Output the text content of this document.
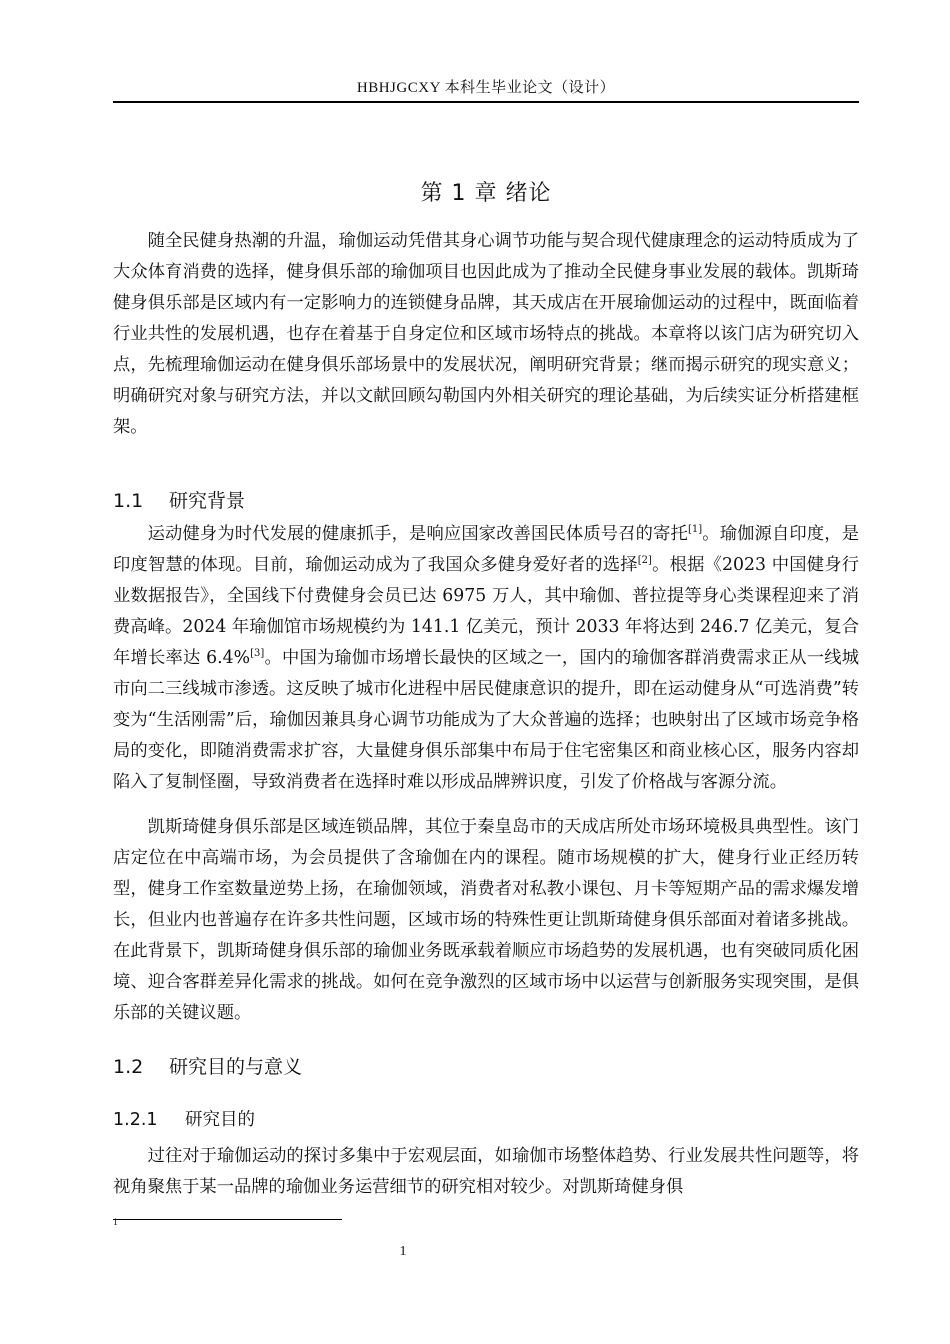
HBHJGCXY 本科生毕业论文（设计）
第 1 章 绪论

随全民健身热潮的升温，瑜伽运动凭借其身心调节功能与契合现代健康理念的运动特质成为了大众体育消费的选择，健身俱乐部的瑜伽项目也因此成为了推动全民健身事业发展的载体。凯斯琦健身俱乐部是区域内有一定影响力的连锁健身品牌，其天成店在开展瑜伽运动的过程中，既面临着行业共性的发展机遇，也存在着基于自身定位和区域市场特点的挑战。本章将以该门店为研究切入点，先梳理瑜伽运动在健身俱乐部场景中的发展状况，阐明研究背景；继而揭示研究的现实意义；明确研究对象与研究方法，并以文献回顾勾勒国内外相关研究的理论基础，为后续实证分析搭建框架。

1.1 研究背景

运动健身为时代发展的健康抓手，是响应国家改善国民体质号召的寄托[1]。瑜伽源自印度，是印度智慧的体现。目前，瑜伽运动成为了我国众多健身爱好者的选择[2]。根据《2023 中国健身行业数据报告》，全国线下付费健身会员已达 6975 万人，其中瑜伽、普拉提等身心类课程迎来了消费高峰。2024 年瑜伽馆市场规模约为 141.1 亿美元，预计 2033 年将达到 246.7 亿美元，复合年增长率达 6.4%[3]。中国为瑜伽市场增长最快的区域之一，国内的瑜伽客群消费需求正从一线城市向二三线城市渗透。这反映了城市化进程中居民健康意识的提升，即在运动健身从“可选消费”转变为“生活刚需”后，瑜伽因兼具身心调节功能成为了大众普遍的选择；也映射出了区域市场竞争格局的变化，即随消费需求扩容，大量健身俱乐部集中布局于住宅密集区和商业核心区，服务内容却陷入了复制怪圈，导致消费者在选择时难以形成品牌辨识度，引发了价格战与客源分流。

凯斯琦健身俱乐部是区域连锁品牌，其位于秦皇岛市的天成店所处市场环境极具典型性。该门店定位在中高端市场，为会员提供了含瑜伽在内的课程。随市场规模的扩大，健身行业正经历转型，健身工作室数量逆势上扬，在瑜伽领域，消费者对私教小课包、月卡等短期产品的需求爆发增长，但业内也普遍存在许多共性问题，区域市场的特殊性更让凯斯琦健身俱乐部面对着诸多挑战。在此背景下，凯斯琦健身俱乐部的瑜伽业务既承载着顺应市场趋势的发展机遇，也有突破同质化困境、迎合客群差异化需求的挑战。如何在竞争激烈的区域市场中以运营与创新服务实现突围，是俱乐部的关键议题。

1.2 研究目的与意义
1.2.1 研究目的

过往对于瑜伽运动的探讨多集中于宏观层面，如瑜伽市场整体趋势、行业发展共性问题等，将视角聚焦于某一品牌的瑜伽业务运营细节的研究相对较少。对凯斯琦健身俱

1
1
